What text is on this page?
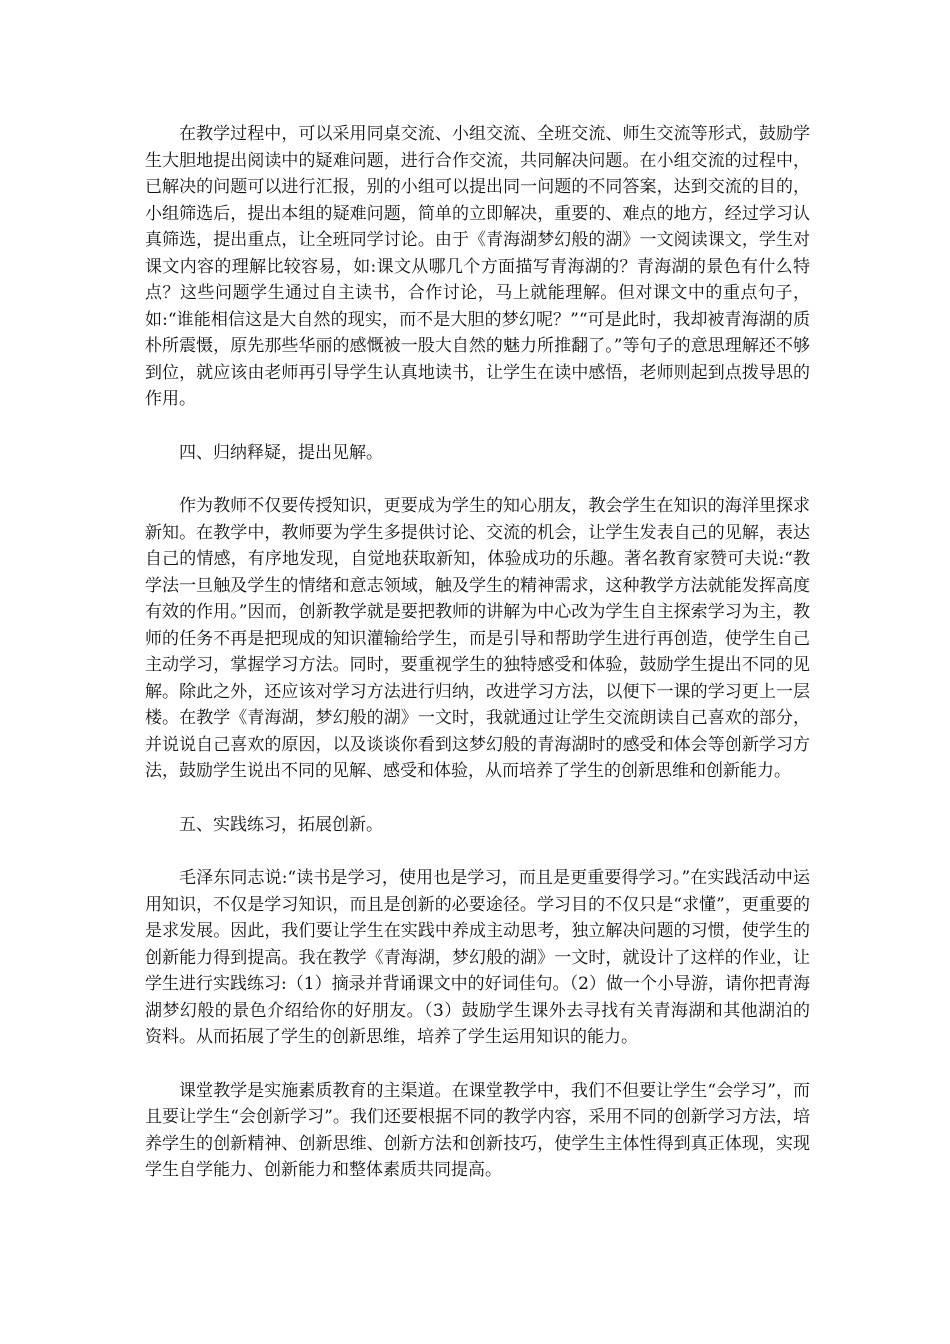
在教学过程中，可以采用同桌交流、小组交流、全班交流、师生交流等形式，鼓励学生大胆地提出阅读中的疑难问题，进行合作交流，共同解决问题。在小组交流的过程中，已解决的问题可以进行汇报，别的小组可以提出同一问题的不同答案，达到交流的目的，小组筛选后，提出本组的疑难问题，简单的立即解决，重要的、难点的地方，经过学习认真筛选，提出重点，让全班同学讨论。由于《青海湖梦幻般的湖》一文阅读课文，学生对课文内容的理解比较容易，如:课文从哪几个方面描写青海湖的？青海湖的景色有什么特点？这些问题学生通过自主读书，合作讨论，马上就能理解。但对课文中的重点句子，如:“谁能相信这是大自然的现实，而不是大胆的梦幻呢？”“可是此时，我却被青海湖的质朴所震慑，原先那些华丽的感慨被一股大自然的魅力所推翻了。”等句子的意思理解还不够到位，就应该由老师再引导学生认真地读书，让学生在读中感悟，老师则起到点拨导思的作用。

四、归纳释疑，提出见解。

作为教师不仅要传授知识，更要成为学生的知心朋友，教会学生在知识的海洋里探求新知。在教学中，教师要为学生多提供讨论、交流的机会，让学生发表自己的见解，表达自己的情感，有序地发现，自觉地获取新知，体验成功的乐趣。著名教育家赞可夫说:“教学法一旦触及学生的情绪和意志领域，触及学生的精神需求，这种教学方法就能发挥高度有效的作用。”因而，创新教学就是要把教师的讲解为中心改为学生自主探索学习为主，教师的任务不再是把现成的知识灌输给学生，而是引导和帮助学生进行再创造，使学生自己主动学习，掌握学习方法。同时，要重视学生的独特感受和体验，鼓励学生提出不同的见解。除此之外，还应该对学习方法进行归纳，改进学习方法，以便下一课的学习更上一层楼。在教学《青海湖，梦幻般的湖》一文时，我就通过让学生交流朗读自己喜欢的部分，并说说自己喜欢的原因，以及谈谈你看到这梦幻般的青海湖时的感受和体会等创新学习方法，鼓励学生说出不同的见解、感受和体验，从而培养了学生的创新思维和创新能力。

五、实践练习，拓展创新。

毛泽东同志说:“读书是学习，使用也是学习，而且是更重要得学习。”在实践活动中运用知识，不仅是学习知识，而且是创新的必要途径。学习目的不仅只是“求懂”，更重要的是求发展。因此，我们要让学生在实践中养成主动思考，独立解决问题的习惯，使学生的创新能力得到提高。我在教学《青海湖，梦幻般的湖》一文时，就设计了这样的作业，让学生进行实践练习:（1）摘录并背诵课文中的好词佳句。（2）做一个小导游，请你把青海湖梦幻般的景色介绍给你的好朋友。（3）鼓励学生课外去寻找有关青海湖和其他湖泊的资料。从而拓展了学生的创新思维，培养了学生运用知识的能力。

课堂教学是实施素质教育的主渠道。在课堂教学中，我们不但要让学生“会学习”，而且要让学生“会创新学习”。我们还要根据不同的教学内容，采用不同的创新学习方法，培养学生的创新精神、创新思维、创新方法和创新技巧，使学生主体性得到真正体现，实现学生自学能力、创新能力和整体素质共同提高。
